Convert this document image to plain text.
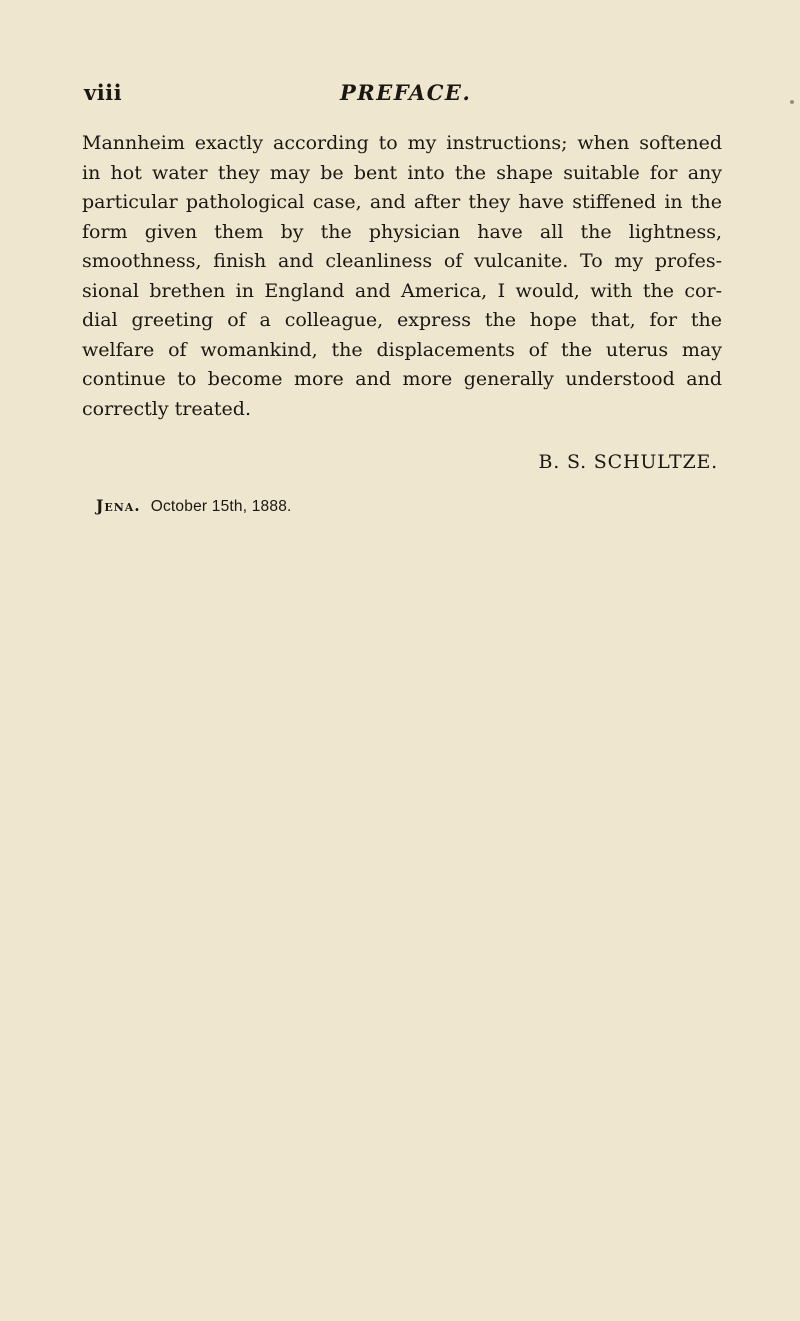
viii	PREFACE.
Mannheim exactly according to my instructions; when softened
in hot water they may be bent into the shape suitable for any
particular pathological case, and after they have stiffened in the
form given them by the physician have all the lightness,
smoothness, finish and cleanliness of vulcanite. To my profes-
sional brethen in England and America, I would, with the cor-
dial greeting of a colleague, express the hope that, for the
welfare of womankind, the displacements of the uterus may
continue to become more and more generally understood and
correctly treated.
B. S. SCHULTZE.
Jena. October 15th, 1888.
